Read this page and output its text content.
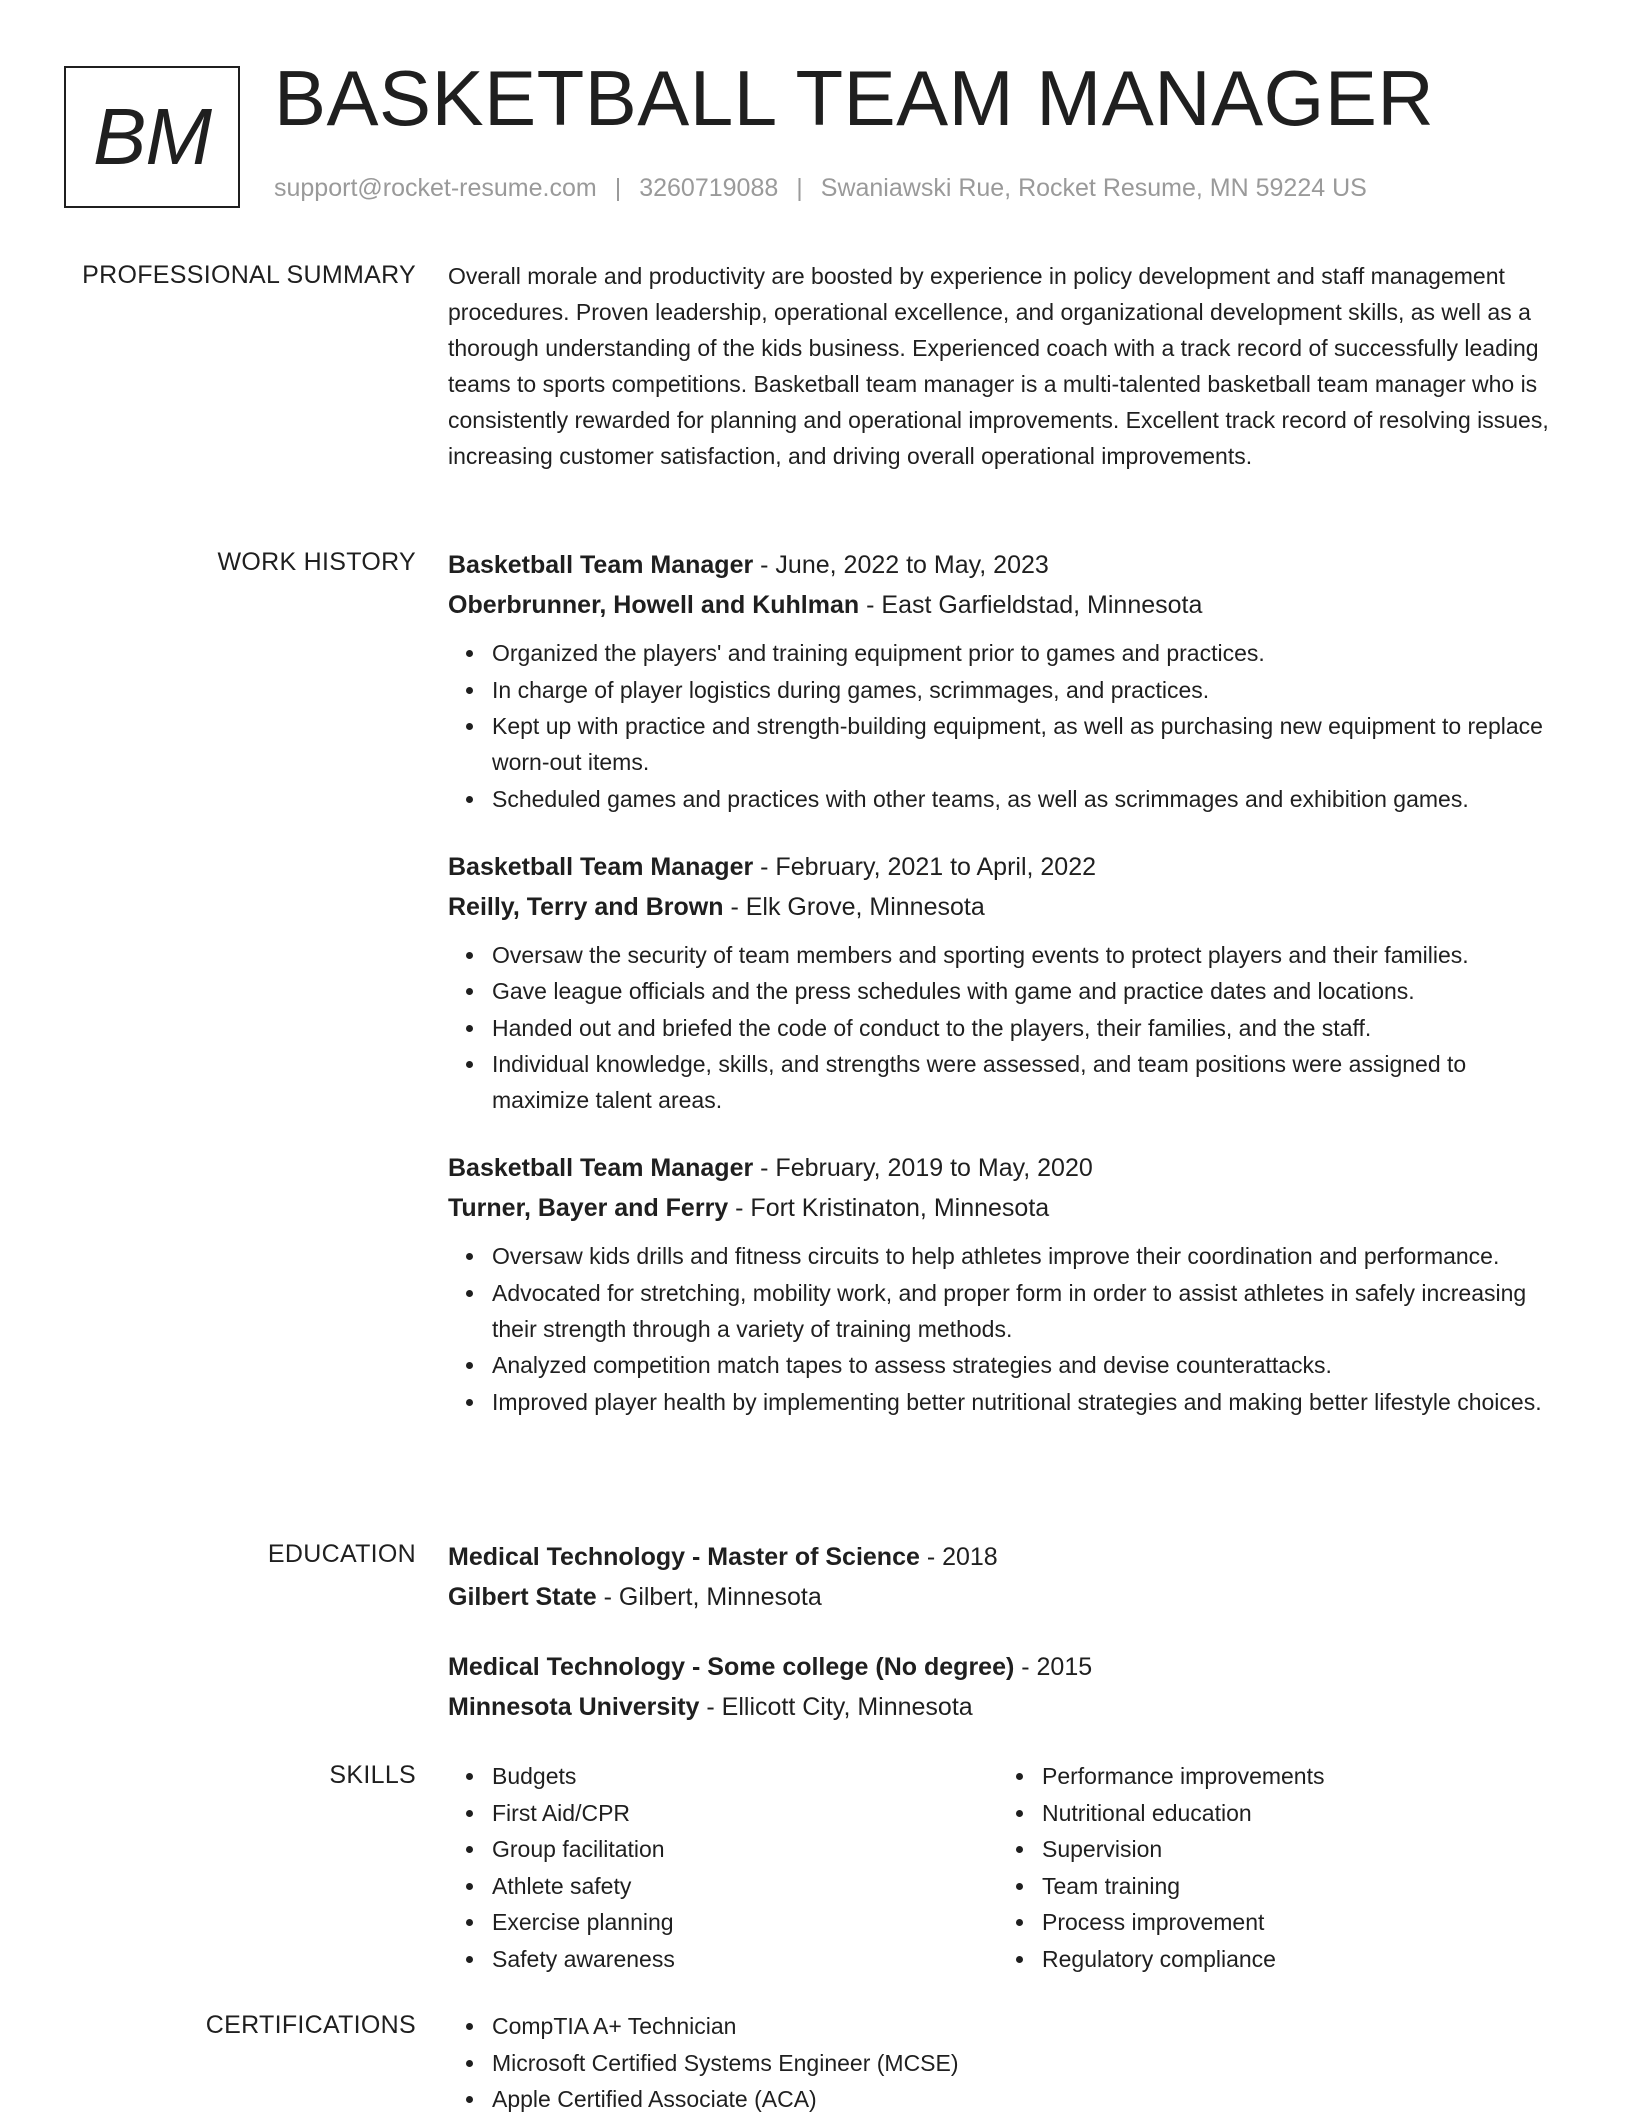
BM BASKETBALL TEAM MANAGER
support@rocket-resume.com | 3260719088 | Swaniawski Rue, Rocket Resume, MN 59224 US
PROFESSIONAL SUMMARY Overall morale and productivity are boosted by experience in policy development and staff management procedures. Proven leadership, operational excellence, and organizational development skills, as well as a thorough understanding of the kids business. Experienced coach with a track record of successfully leading teams to sports competitions. Basketball team manager is a multi-talented basketball team manager who is consistently rewarded for planning and operational improvements. Excellent track record of resolving issues, increasing customer satisfaction, and driving overall operational improvements.

WORK HISTORY Basketball Team Manager - June, 2022 to May, 2023
Oberbrunner, Howell and Kuhlman - East Garfieldstad, Minnesota
Organized the players' and training equipment prior to games and practices.
In charge of player logistics during games, scrimmages, and practices.
Kept up with practice and strength-building equipment, as well as purchasing new equipment to replace worn-out items.
Scheduled games and practices with other teams, as well as scrimmages and exhibition games.
Basketball Team Manager - February, 2021 to April, 2022
Reilly, Terry and Brown - Elk Grove, Minnesota
Oversaw the security of team members and sporting events to protect players and their families.
Gave league officials and the press schedules with game and practice dates and locations.
Handed out and briefed the code of conduct to the players, their families, and the staff.
Individual knowledge, skills, and strengths were assessed, and team positions were assigned to maximize talent areas.
Basketball Team Manager - February, 2019 to May, 2020
Turner, Bayer and Ferry - Fort Kristinaton, Minnesota
Oversaw kids drills and fitness circuits to help athletes improve their coordination and performance.
Advocated for stretching, mobility work, and proper form in order to assist athletes in safely increasing their strength through a variety of training methods.
Analyzed competition match tapes to assess strategies and devise counterattacks.
Improved player health by implementing better nutritional strategies and making better lifestyle choices.
EDUCATION Medical Technology - Master of Science - 2018
Gilbert State - Gilbert, Minnesota
Medical Technology - Some college (No degree) - 2015
Minnesota University - Ellicott City, Minnesota
SKILLS	Budgets
First Aid/CPR
Group facilitation
Athlete safety
Exercise planning
Safety awareness
Performance improvements
Nutritional education
Supervision
Team training
Process improvement
Regulatory compliance
CERTIFICATIONS	CompTIA A+ Technician
Microsoft Certified Systems Engineer (MCSE)
Apple Certified Associate (ACA)
